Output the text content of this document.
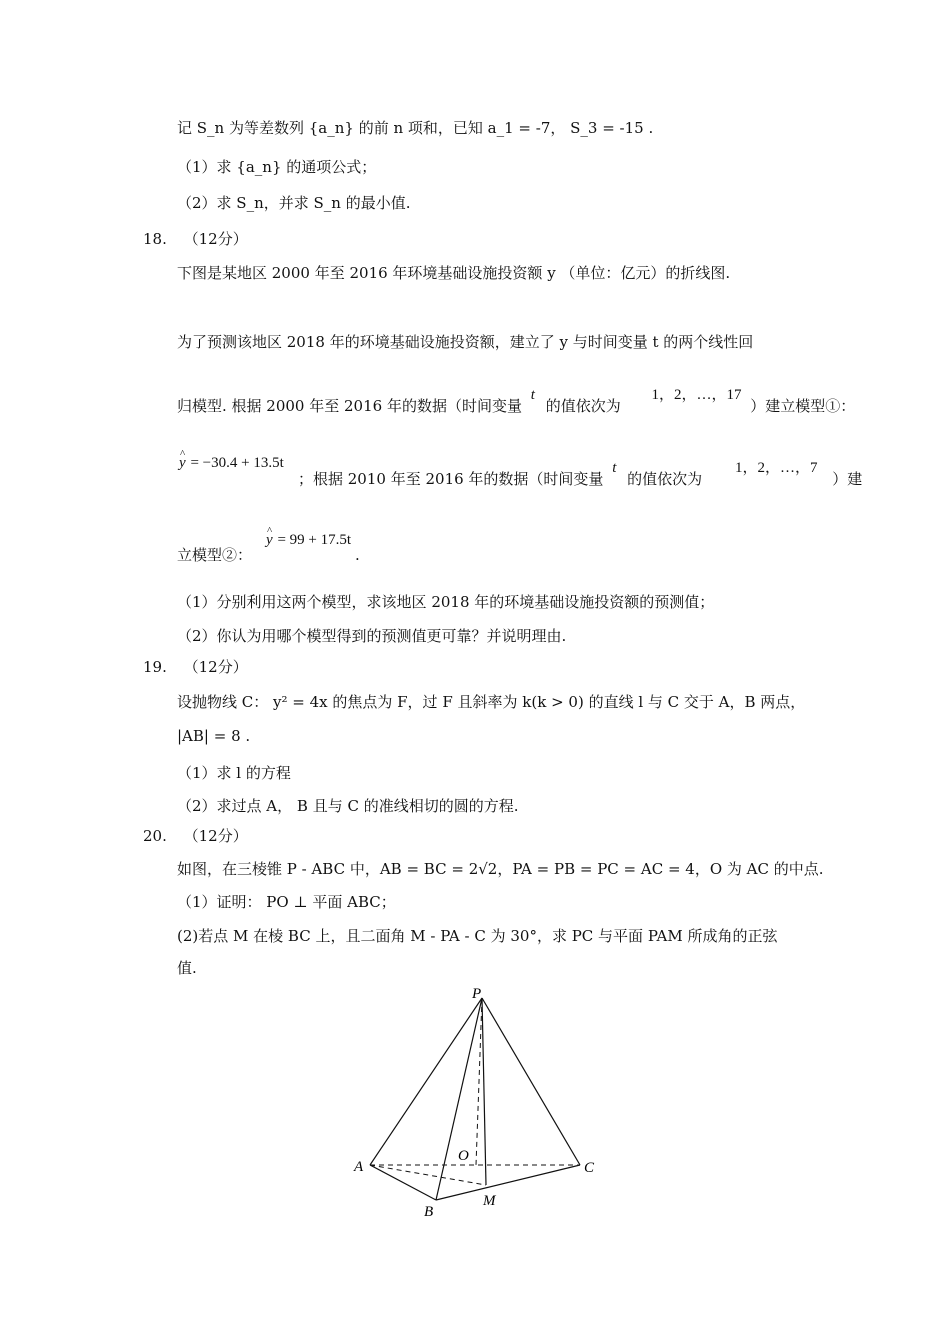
记 S_n 为等差数列 {a_n} 的前 n 项和，已知 a_1 = -7， S_3 = -15 .
（1）求 {a_n} 的通项公式；
（2）求 S_n，并求 S_n 的最小值.
18. （12分）
下图是某地区 2000 年至 2016 年环境基础设施投资额 y （单位：亿元）的折线图.
为了预测该地区 2018 年的环境基础设施投资额，建立了 y 与时间变量 t 的两个线性回
归模型. 根据 2000 年至 2016 年的数据（时间变量 t 的值依次为 1，2，…，17 ）建立模型①：
^ y = −30.4 + 13.5t
；根据 2010 年至 2016 年的数据（时间变量 t 的值依次为 1，2，…，7 ）建
立模型②：
^ y = 99 + 17.5t
.
（1）分别利用这两个模型，求该地区 2018 年的环境基础设施投资额的预测值；
（2）你认为用哪个模型得到的预测值更可靠？并说明理由.
19. （12分）
设抛物线 C： y² = 4x 的焦点为 F，过 F 且斜率为 k(k > 0) 的直线 l 与 C 交于 A，B 两点，
|AB| = 8 .
（1）求 l 的方程
（2）求过点 A， B 且与 C 的准线相切的圆的方程.
20. （12分）
如图，在三棱锥 P - ABC 中，AB = BC = 2√2，PA = PB = PC = AC = 4，O 为 AC 的中点.
（1）证明： PO ⊥ 平面 ABC；
(2)若点 M 在棱 BC 上，且二面角 M - PA - C 为 30°，求 PC 与平面 PAM 所成角的正弦
值.
P
A	C
B
O
M
